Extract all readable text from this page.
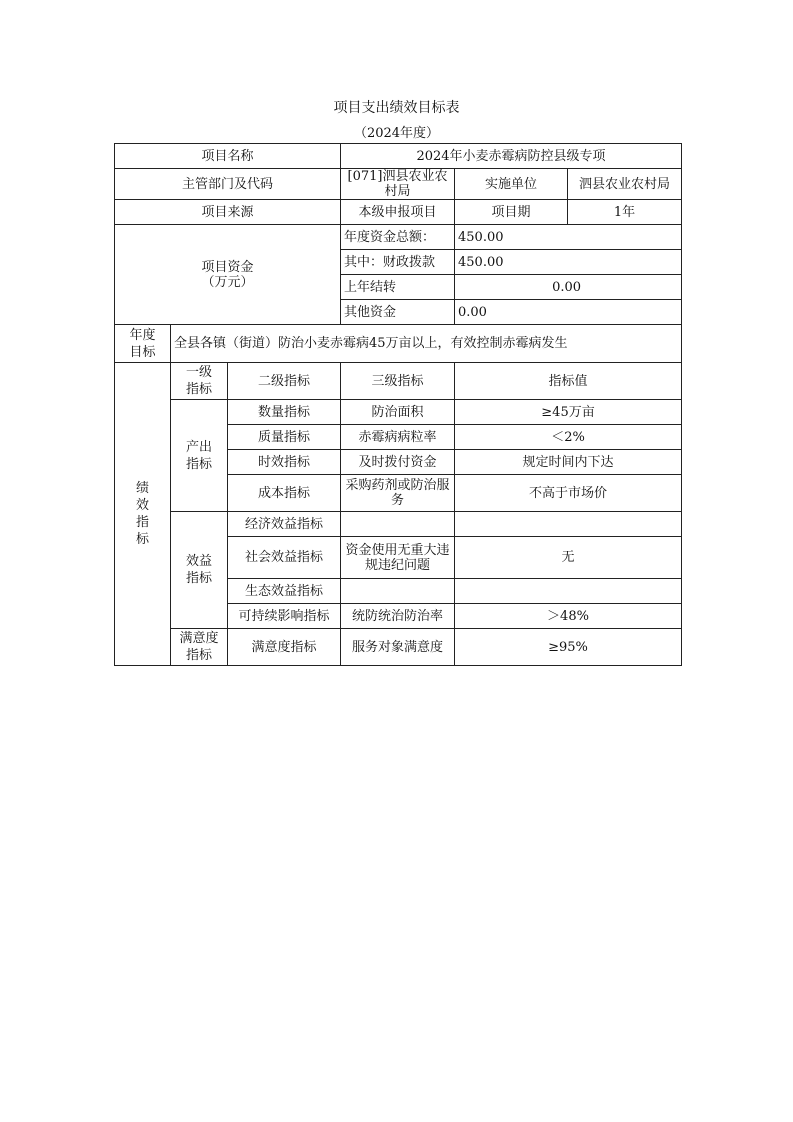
项目支出绩效目标表
（2024年度）
项目名称			2024年小麦赤霉病防控县级专项		
主管部门及代码			[071]泗县农业农村局	实施单位	泗县农业农村局
项目来源			本级申报项目	项目期	1年
项目资金
（万元）			年度资金总额：	450.00	
			其中：财政拨款	450.00	
			上年结转	0.00	
			其他资金	0.00	
年度目标	全县各镇（街道）防治小麦赤霉病45万亩以上，有效控制赤霉病发生				
绩效指标	一级指标	二级指标	三级指标	指标值	
	产出指标	数量指标	防治面积	≥45万亩	
		质量指标	赤霉病病粒率	＜2%	
		时效指标	及时拨付资金	规定时间内下达	
		成本指标	采购药剂或防治服务	不高于市场价	
	效益指标	经济效益指标			
		社会效益指标	资金使用无重大违规违纪问题	无	
		生态效益指标			
		可持续影响指标	统防统治防治率	＞48%	
	满意度指标	满意度指标	服务对象满意度	≥95%	
